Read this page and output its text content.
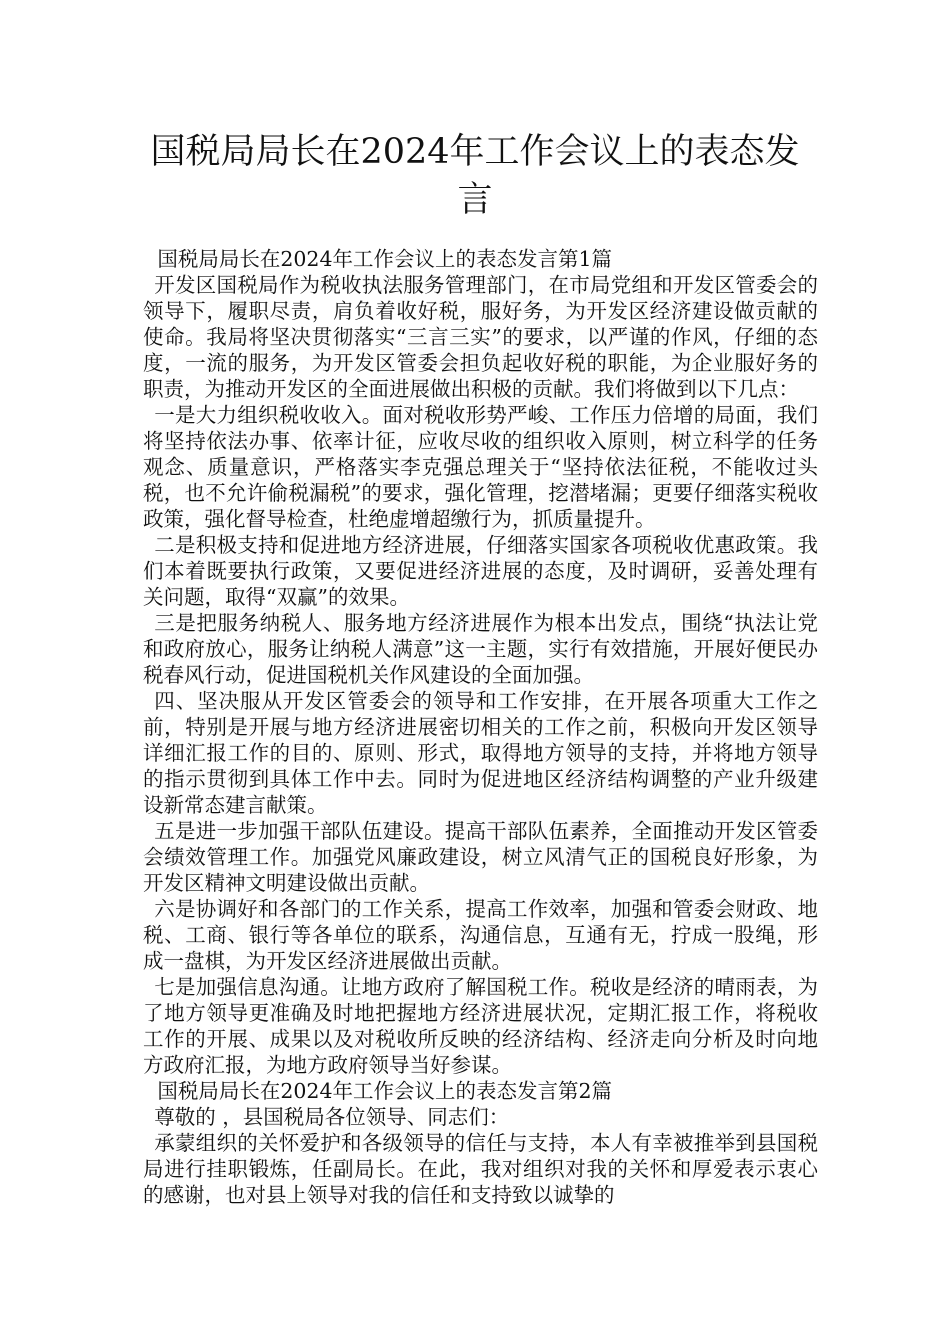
国税局局长在2024年工作会议上的表态发言

国税局局长在2024年工作会议上的表态发言第1篇

开发区国税局作为税收执法服务管理部门，在市局党组和开发区管委会的领导下，履职尽责，肩负着收好税，服好务，为开发区经济建设做贡献的使命。我局将坚决贯彻落实“三言三实”的要求，以严谨的作风，仔细的态度，一流的服务，为开发区管委会担负起收好税的职能，为企业服好务的职责，为推动开发区的全面进展做出积极的贡献。我们将做到以下几点：

一是大力组织税收收入。面对税收形势严峻、工作压力倍增的局面，我们将坚持依法办事、依率计征，应收尽收的组织收入原则，树立科学的任务观念、质量意识，严格落实李克强总理关于“坚持依法征税，不能收过头税，也不允许偷税漏税”的要求，强化管理，挖潜堵漏；更要仔细落实税收政策，强化督导检查，杜绝虚增超缴行为，抓质量提升。

二是积极支持和促进地方经济进展，仔细落实国家各项税收优惠政策。我们本着既要执行政策，又要促进经济进展的态度，及时调研，妥善处理有关问题，取得“双赢”的效果。

三是把服务纳税人、服务地方经济进展作为根本出发点，围绕“执法让党和政府放心，服务让纳税人满意”这一主题，实行有效措施，开展好便民办税春风行动，促进国税机关作风建设的全面加强。

四、坚决服从开发区管委会的领导和工作安排，在开展各项重大工作之前，特别是开展与地方经济进展密切相关的工作之前，积极向开发区领导详细汇报工作的目的、原则、形式，取得地方领导的支持，并将地方领导的指示贯彻到具体工作中去。同时为促进地区经济结构调整的产业升级建设新常态建言献策。

五是进一步加强干部队伍建设。提高干部队伍素养，全面推动开发区管委会绩效管理工作。加强党风廉政建设，树立风清气正的国税良好形象，为开发区精神文明建设做出贡献。

六是协调好和各部门的工作关系，提高工作效率，加强和管委会财政、地税、工商、银行等各单位的联系，沟通信息，互通有无，拧成一股绳，形成一盘棋，为开发区经济进展做出贡献。

七是加强信息沟通。让地方政府了解国税工作。税收是经济的晴雨表，为了地方领导更准确及时地把握地方经济进展状况，定期汇报工作，将税收工作的开展、成果以及对税收所反映的经济结构、经济走向分析及时向地方政府汇报，为地方政府领导当好参谋。

国税局局长在2024年工作会议上的表态发言第2篇

尊敬的 ，县国税局各位领导、同志们：

承蒙组织的关怀爱护和各级领导的信任与支持，本人有幸被推举到县国税局进行挂职锻炼，任副局长。在此，我对组织对我的关怀和厚爱表示衷心的感谢，也对县上领导对我的信任和支持致以诚挚的
